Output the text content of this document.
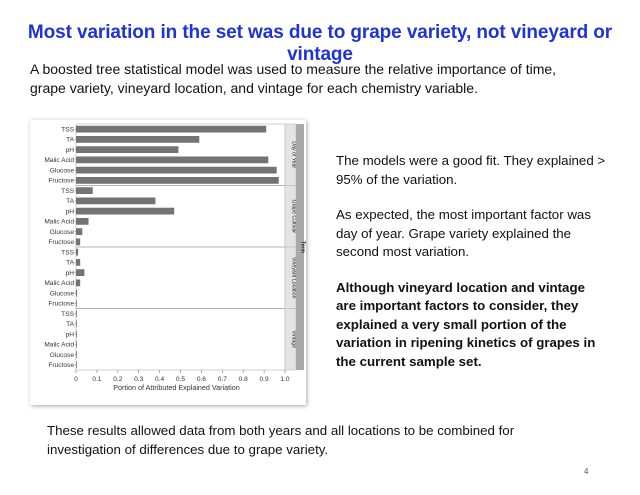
Most variation in the set was due to grape variety, not vineyard or vintage
A boosted tree statistical model was used to measure the relative importance of time, grape variety, vineyard location, and vintage for each chemistry variable.
Day of Year
TSS
TA
pH
Malic Acid
Glucose
Fructose
Grape Cultivar
TSS
TA
pH
Malic Acid
Glucose
Fructose
Vineyard Location
TSS
TA
pH
Malic Acid
Glucose
Fructose
Vintage
TSS
TA
pH
Malic Acid
Glucose
Fructose
Term
0 0.1 0.2 0.3 0.4 0.5 0.6 0.7 0.8 0.9 1.0
Portion of Attributed Explained Variation

The models were a good fit. They explained > 95% of the variation.

As expected, the most important factor was day of year. Grape variety explained the second most variation.

Although vineyard location and vintage are important factors to consider, they explained a very small portion of the variation in ripening kinetics of grapes in the current sample set.

These results allowed data from both years and all locations to be combined for investigation of differences due to grape variety.
4
